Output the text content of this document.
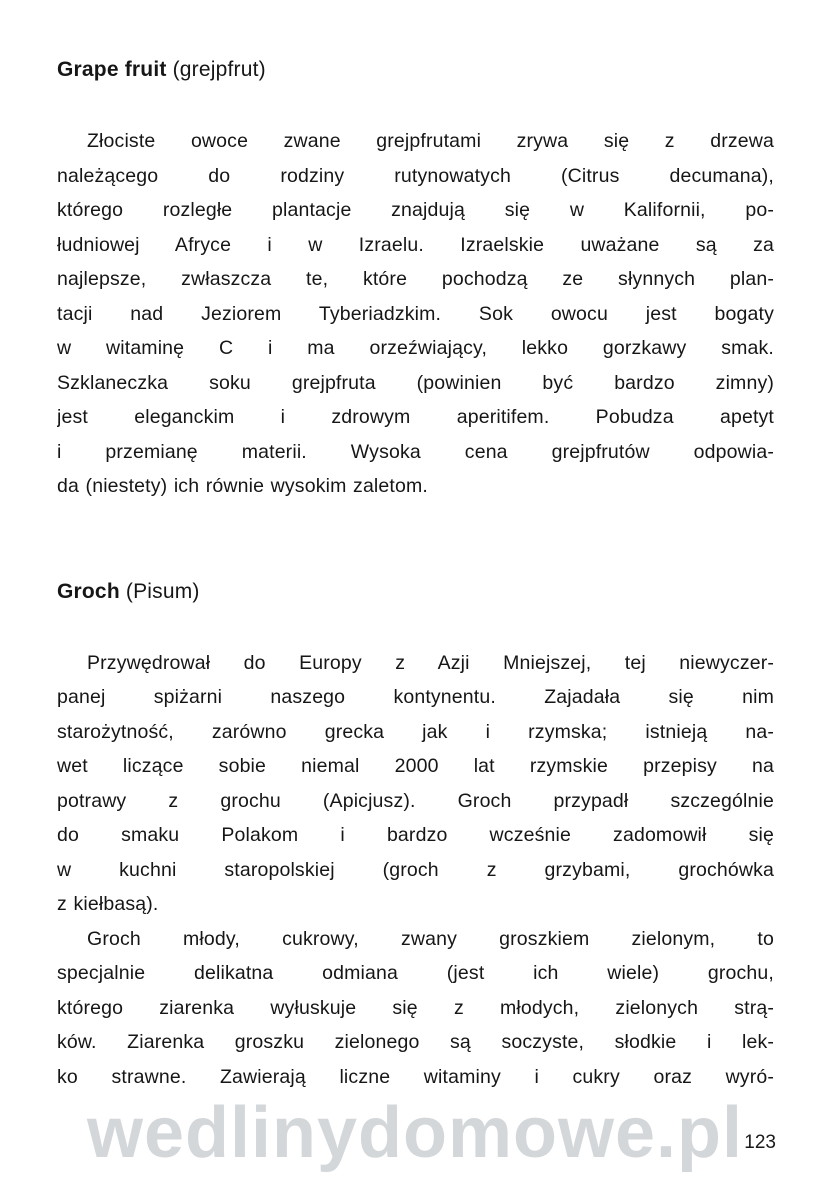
Grape fruit (grejpfrut)
Złociste owoce zwane grejpfrutami zrywa się z drzewa
należącego do rodziny rutynowatych (Citrus decumana),
którego rozległe plantacje znajdują się w Kalifornii, po-
łudniowej Afryce i w Izraelu. Izraelskie uważane są za
najlepsze, zwłaszcza te, które pochodzą ze słynnych plan-
tacji nad Jeziorem Tyberiadzkim. Sok owocu jest bogaty
w witaminę C i ma orzeźwiający, lekko gorzkawy smak.
Szklaneczka soku grejpfruta (powinien być bardzo zimny)
jest eleganckim i zdrowym aperitifem. Pobudza apetyt
i przemianę materii. Wysoka cena grejpfrutów odpowia-
da (niestety) ich równie wysokim zaletom.
Groch (Pisum)
Przywędrował do Europy z Azji Mniejszej, tej niewyczer-
panej spiżarni naszego kontynentu. Zajadała się nim
starożytność, zarówno grecka jak i rzymska; istnieją na-
wet liczące sobie niemal 2000 lat rzymskie przepisy na
potrawy z grochu (Apicjusz). Groch przypadł szczególnie
do smaku Polakom i bardzo wcześnie zadomowił się
w kuchni staropolskiej (groch z grzybami, grochówka
z kiełbasą).
Groch młody, cukrowy, zwany groszkiem zielonym, to
specjalnie delikatna odmiana (jest ich wiele) grochu,
którego ziarenka wyłuskuje się z młodych, zielonych strą-
ków. Ziarenka groszku zielonego są soczyste, słodkie i lek-
ko strawne. Zawierają liczne witaminy i cukry oraz wyró-
wedlinydomowe.pl 123
